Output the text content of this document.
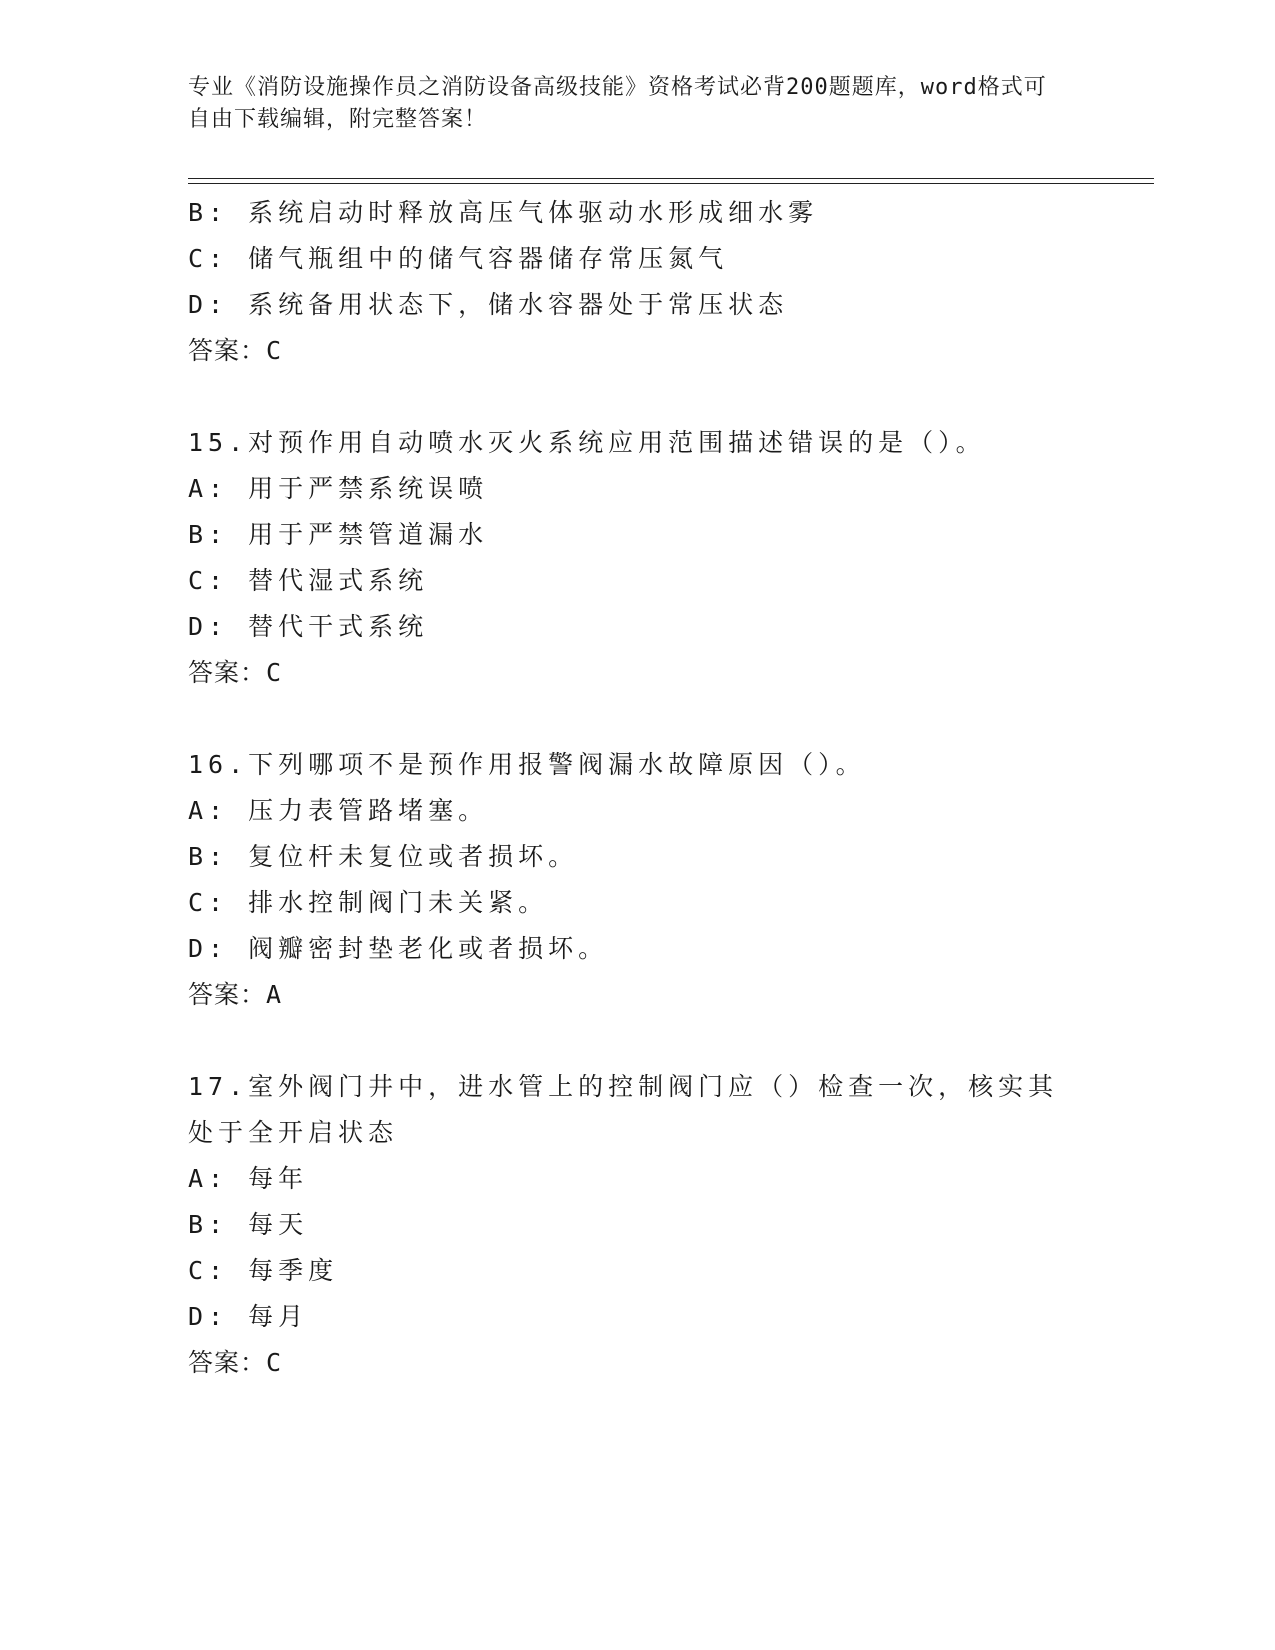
专业《消防设施操作员之消防设备高级技能》资格考试必背200题题库，word格式可自由下载编辑，附完整答案！
B: 系统启动时释放高压气体驱动水形成细水雾
C: 储气瓶组中的储气容器储存常压氮气
D: 系统备用状态下，储水容器处于常压状态
答案：C
15.对预作用自动喷水灭火系统应用范围描述错误的是（）。
A: 用于严禁系统误喷
B: 用于严禁管道漏水
C: 替代湿式系统
D: 替代干式系统
答案：C
16.下列哪项不是预作用报警阀漏水故障原因（）。
A: 压力表管路堵塞。
B: 复位杆未复位或者损坏。
C: 排水控制阀门未关紧。
D: 阀瓣密封垫老化或者损坏。
答案：A
17.室外阀门井中，进水管上的控制阀门应（）检查一次，核实其处于全开启状态
A: 每年
B: 每天
C: 每季度
D: 每月
答案：C
